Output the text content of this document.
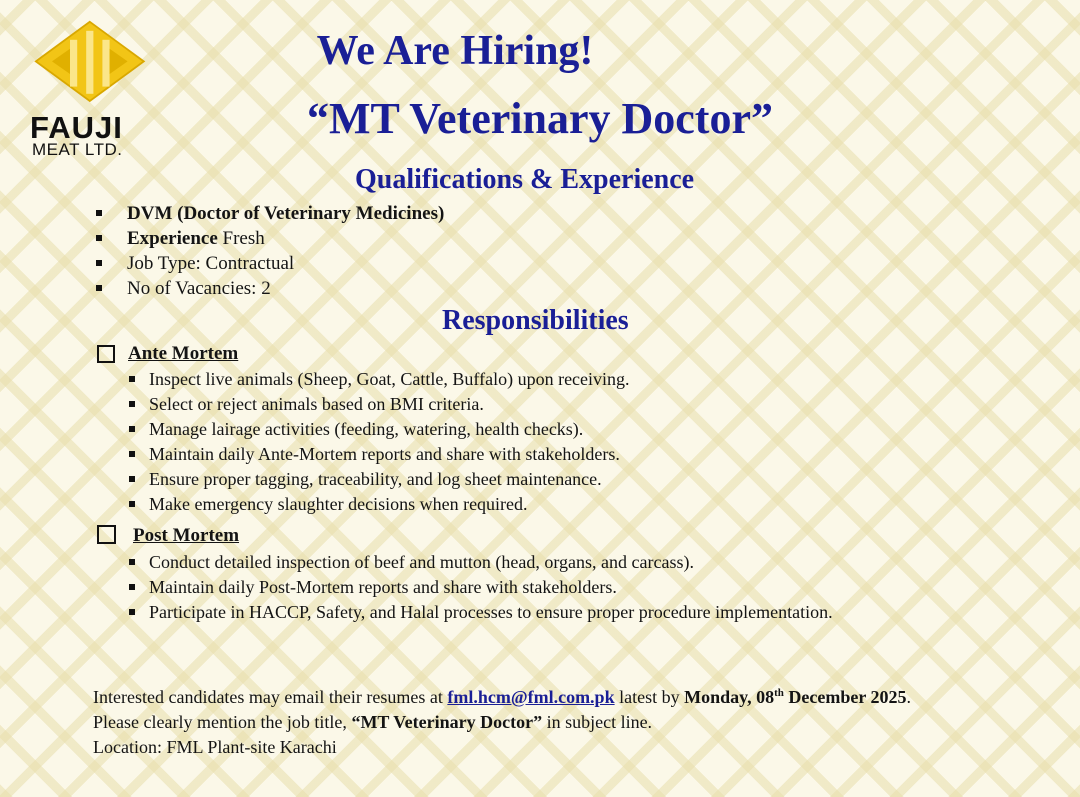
FAUJI
MEAT LTD.
We Are Hiring!
“MT Veterinary Doctor”
Qualifications & Experience
DVM (Doctor of Veterinary Medicines)
Experience Fresh
Job Type: Contractual
No of Vacancies: 2
Responsibilities
Ante Mortem
Inspect live animals (Sheep, Goat, Cattle, Buffalo) upon receiving.
Select or reject animals based on BMI criteria.
Manage lairage activities (feeding, watering, health checks).
Maintain daily Ante-Mortem reports and share with stakeholders.
Ensure proper tagging, traceability, and log sheet maintenance.
Make emergency slaughter decisions when required.
Post Mortem
Conduct detailed inspection of beef and mutton (head, organs, and carcass).
Maintain daily Post-Mortem reports and share with stakeholders.
Participate in HACCP, Safety, and Halal processes to ensure proper procedure implementation.
Interested candidates may email their resumes at fml.hcm@fml.com.pk latest by Monday, 08th December 2025.
Please clearly mention the job title, “MT Veterinary Doctor” in subject line.
Location: FML Plant-site Karachi
